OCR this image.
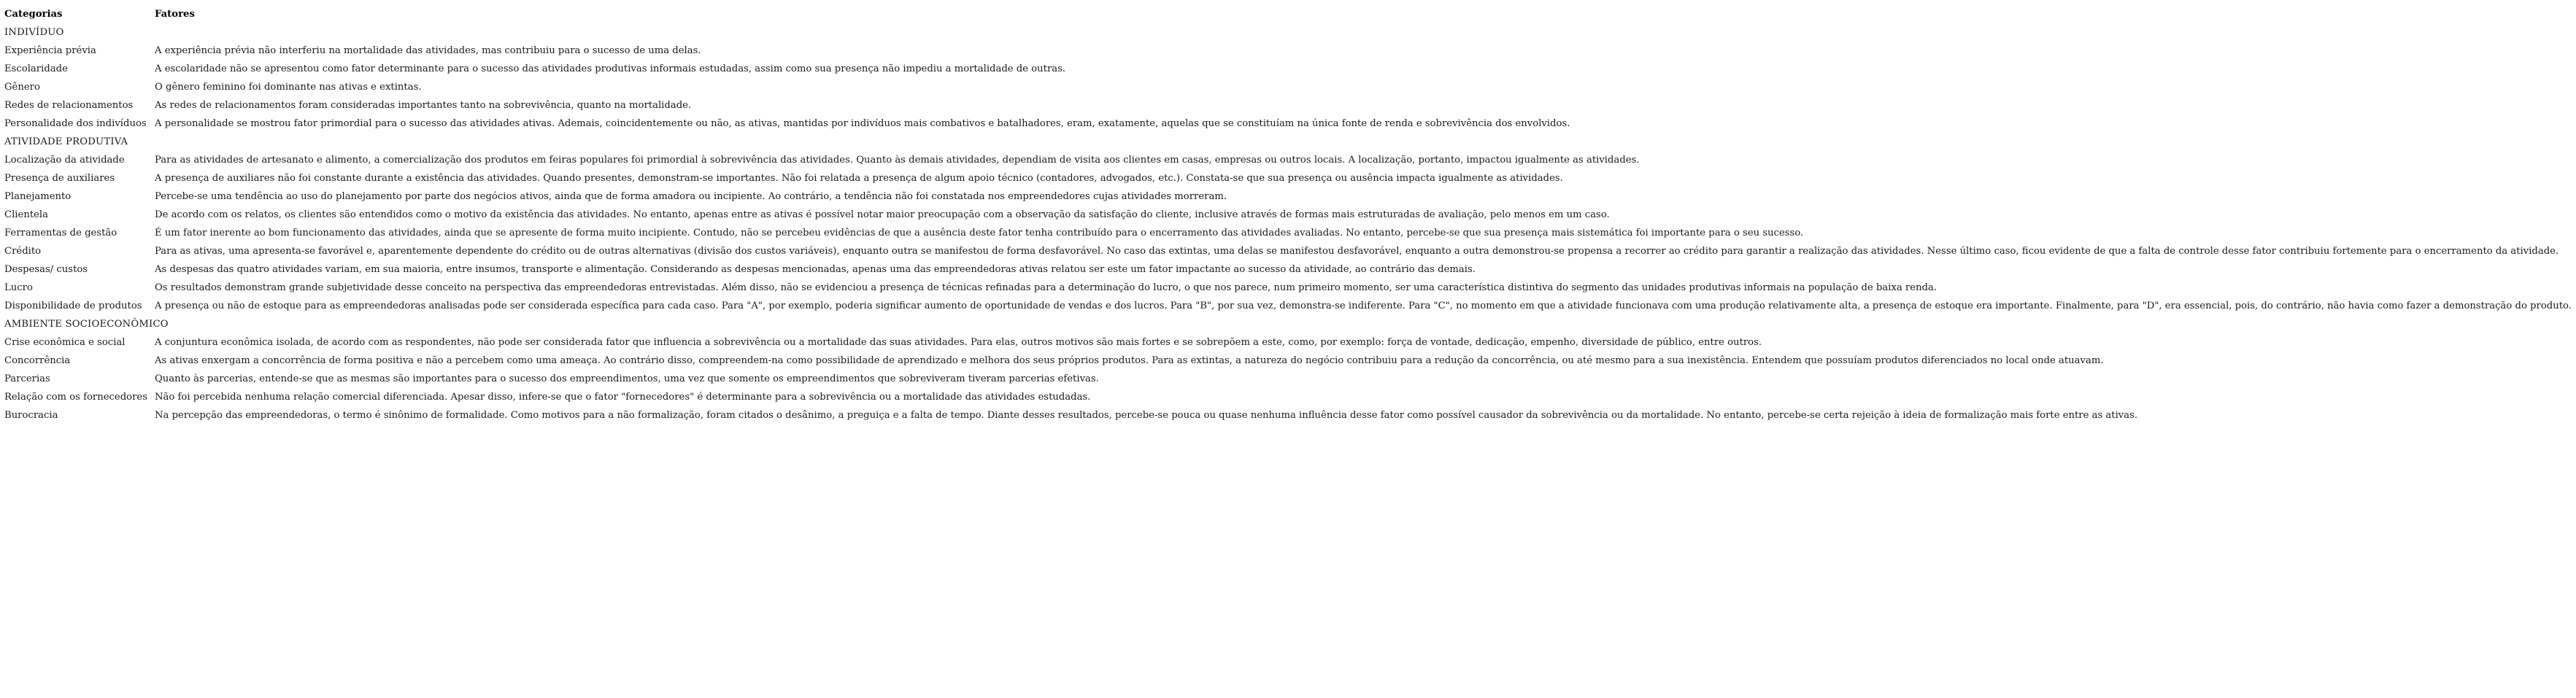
Categorias	Fatores
INDIVÍDUO	
Experiência prévia	A experiência prévia não interferiu na mortalidade das atividades, mas contribuiu para o sucesso de uma delas.
Escolaridade	A escolaridade não se apresentou como fator determinante para o sucesso das atividades produtivas informais estudadas, assim como sua presença não impediu a mortalidade de outras.
Gênero	O gênero feminino foi dominante nas ativas e extintas.
Redes de relacionamentos	As redes de relacionamentos foram consideradas importantes tanto na sobrevivência, quanto na mortalidade.
Personalidade dos indivíduos	A personalidade se mostrou fator primordial para o sucesso das atividades ativas. Ademais, coincidentemente ou não, as ativas, mantidas por indivíduos mais combativos e batalhadores, eram, exatamente, aquelas que se constituíam na única fonte de renda e sobrevivência dos envolvidos.
ATIVIDADE PRODUTIVA	
Localização da atividade	Para as atividades de artesanato e alimento, a comercialização dos produtos em feiras populares foi primordial à sobrevivência das atividades. Quanto às demais atividades, dependiam de visita aos clientes em casas, empresas ou outros locais. A localização, portanto, impactou igualmente as atividades.
Presença de auxiliares	A presença de auxiliares não foi constante durante a existência das atividades. Quando presentes, demonstram-se importantes. Não foi relatada a presença de algum apoio técnico (contadores, advogados, etc.). Constata-se que sua presença ou ausência impacta igualmente as atividades.
Planejamento	Percebe-se uma tendência ao uso do planejamento por parte dos negócios ativos, ainda que de forma amadora ou incipiente. Ao contrário, a tendência não foi constatada nos empreendedores cujas atividades morreram.
Clientela	De acordo com os relatos, os clientes são entendidos como o motivo da existência das atividades. No entanto, apenas entre as ativas é possível notar maior preocupação com a observação da satisfação do cliente, inclusive através de formas mais estruturadas de avaliação, pelo menos em um caso.
Ferramentas de gestão	É um fator inerente ao bom funcionamento das atividades, ainda que se apresente de forma muito incipiente. Contudo, não se percebeu evidências de que a ausência deste fator tenha contribuído para o encerramento das atividades avaliadas. No entanto, percebe-se que sua presença mais sistemática foi importante para o seu sucesso.
Crédito	Para as ativas, uma apresenta-se favorável e, aparentemente dependente do crédito ou de outras alternativas (divisão dos custos variáveis), enquanto outra se manifestou de forma desfavorável. No caso das extintas, uma delas se manifestou desfavorável, enquanto a outra demonstrou-se propensa a recorrer ao crédito para garantir a realização das atividades. Nesse último caso, ficou evidente de que a falta de controle desse fator contribuiu fortemente para o encerramento da atividade.
Despesas/ custos	As despesas das quatro atividades variam, em sua maioria, entre insumos, transporte e alimentação. Considerando as despesas mencionadas, apenas uma das empreendedoras ativas relatou ser este um fator impactante ao sucesso da atividade, ao contrário das demais.
Lucro	Os resultados demonstram grande subjetividade desse conceito na perspectiva das empreendedoras entrevistadas. Além disso, não se evidenciou a presença de técnicas refinadas para a determinação do lucro, o que nos parece, num primeiro momento, ser uma característica distintiva do segmento das unidades produtivas informais na população de baixa renda.
Disponibilidade de produtos	A presença ou não de estoque para as empreendedoras analisadas pode ser considerada específica para cada caso. Para "A", por exemplo, poderia significar aumento de oportunidade de vendas e dos lucros. Para "B", por sua vez, demonstra-se indiferente. Para "C", no momento em que a atividade funcionava com uma produção relativamente alta, a presença de estoque era importante. Finalmente, para "D", era essencial, pois, do contrário, não havia como fazer a demonstração do produto.
AMBIENTE SOCIOECONÔMICO	
Crise econômica e social	A conjuntura econômica isolada, de acordo com as respondentes, não pode ser considerada fator que influencia a sobrevivência ou a mortalidade das suas atividades. Para elas, outros motivos são mais fortes e se sobrepõem a este, como, por exemplo: força de vontade, dedicação, empenho, diversidade de público, entre outros.
Concorrência	As ativas enxergam a concorrência de forma positiva e não a percebem como uma ameaça. Ao contrário disso, compreendem-na como possibilidade de aprendizado e melhora dos seus próprios produtos. Para as extintas, a natureza do negócio contribuiu para a redução da concorrência, ou até mesmo para a sua inexistência. Entendem que possuíam produtos diferenciados no local onde atuavam.
Parcerias	Quanto às parcerias, entende-se que as mesmas são importantes para o sucesso dos empreendimentos, uma vez que somente os empreendimentos que sobreviveram tiveram parcerias efetivas.
Relação com os fornecedores	Não foi percebida nenhuma relação comercial diferenciada. Apesar disso, infere-se que o fator "fornecedores" é determinante para a sobrevivência ou a mortalidade das atividades estudadas.
Burocracia	Na percepção das empreendedoras, o termo é sinônimo de formalidade. Como motivos para a não formalização, foram citados o desânimo, a preguiça e a falta de tempo. Diante desses resultados, percebe-se pouca ou quase nenhuma influência desse fator como possível causador da sobrevivência ou da mortalidade. No entanto, percebe-se certa rejeição à ideia de formalização mais forte entre as ativas.
